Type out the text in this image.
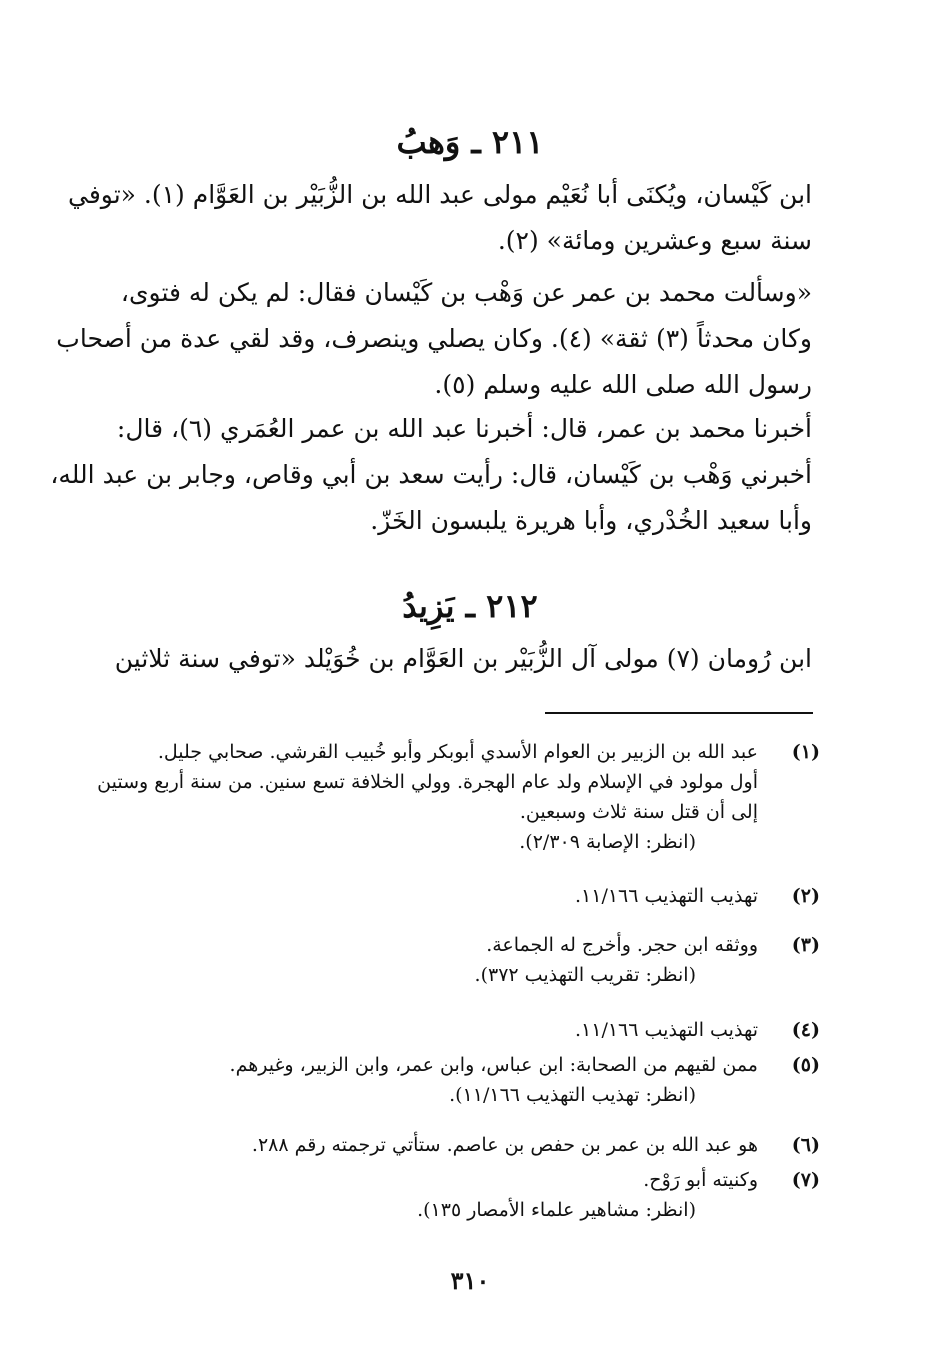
٢١١ ـ وَهبُ
ابن كَيْسان، ويُكنَى أبا نُعَيْم مولى عبد الله بن الزُّبَيْر بن العَوَّام (١). «توفي
سنة سبع وعشرين ومائة» (٢).
«وسألت محمد بن عمر عن وَهْب بن كَيْسان فقال: لم يكن له فتوى،
وكان محدثاً (٣) ثقة» (٤). وكان يصلي وينصرف، وقد لقي عدة من أصحاب
رسول الله صلى الله عليه وسلم (٥).
أخبرنا محمد بن عمر، قال: أخبرنا عبد الله بن عمر العُمَري (٦)، قال:
أخبرني وَهْب بن كَيْسان، قال: رأيت سعد بن أبي وقاص، وجابر بن عبد الله،
وأبا سعيد الخُدْري، وأبا هريرة يلبسون الخَزّ.
٢١٢ ـ يَزِيدُ
ابن رُومان (٧) مولى آل الزُّبَيْر بن العَوَّام بن خُوَيْلد «توفي سنة ثلاثين
(١)
عبد الله بن الزبير بن العوام الأسدي أبوبكر وأبو خُبيب القرشي. صحابي جليل.
أول مولود في الإسلام ولد عام الهجرة. وولي الخلافة تسع سنين. من سنة أربع وستين
إلى أن قتل سنة ثلاث وسبعين.
(انظر: الإصابة ٢/٣٠٩).
(٢)
تهذيب التهذيب ١١/١٦٦.
(٣)
ووثقه ابن حجر. وأخرج له الجماعة.
(انظر: تقريب التهذيب ٣٧٢).
(٤)
تهذيب التهذيب ١١/١٦٦.
(٥)
ممن لقيهم من الصحابة: ابن عباس، وابن عمر، وابن الزبير، وغيرهم.
(انظر: تهذيب التهذيب ١١/١٦٦).
(٦)
هو عبد الله بن عمر بن حفص بن عاصم. ستأتي ترجمته رقم ٢٨٨.
(٧)
وكنيته أبو رَوْح.
(انظر: مشاهير علماء الأمصار ١٣٥).
٣١٠
